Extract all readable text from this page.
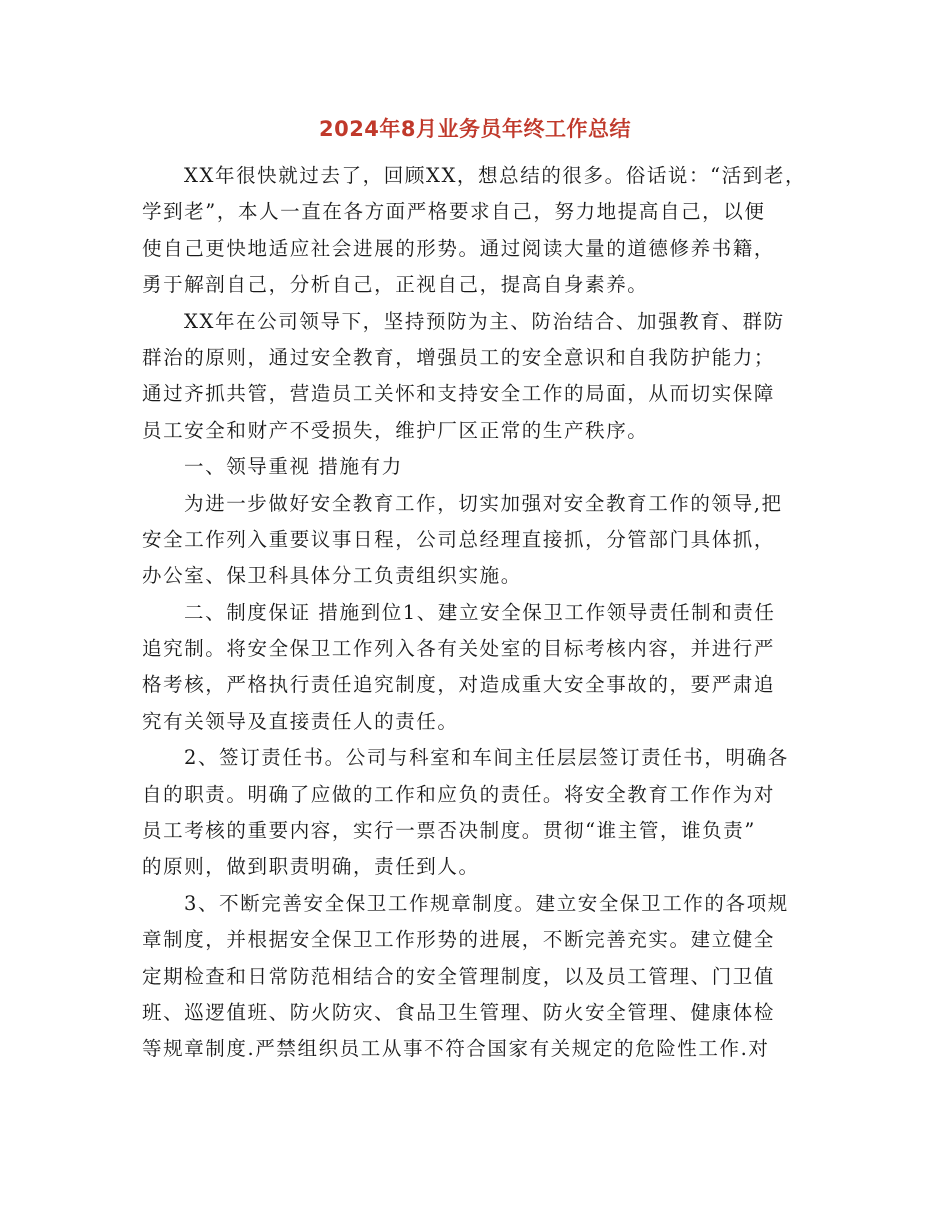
2024年8月业务员年终工作总结
XX年很快就过去了，回顾XX，想总结的很多。俗话说：“活到老，
学到老”，本人一直在各方面严格要求自己，努力地提高自己，以便
使自己更快地适应社会进展的形势。通过阅读大量的道德修养书籍，
勇于解剖自己，分析自己，正视自己，提高自身素养。
XX年在公司领导下，坚持预防为主、防治结合、加强教育、群防
群治的原则，通过安全教育，增强员工的安全意识和自我防护能力；
通过齐抓共管，营造员工关怀和支持安全工作的局面，从而切实保障
员工安全和财产不受损失，维护厂区正常的生产秩序。
一、领导重视 措施有力
为进一步做好安全教育工作，切实加强对安全教育工作的领导,把
安全工作列入重要议事日程，公司总经理直接抓，分管部门具体抓，
办公室、保卫科具体分工负责组织实施。
二、制度保证 措施到位1、建立安全保卫工作领导责任制和责任
追究制。将安全保卫工作列入各有关处室的目标考核内容，并进行严
格考核，严格执行责任追究制度，对造成重大安全事故的，要严肃追
究有关领导及直接责任人的责任。
2、签订责任书。公司与科室和车间主任层层签订责任书，明确各
自的职责。明确了应做的工作和应负的责任。将安全教育工作作为对
员工考核的重要内容，实行一票否决制度。贯彻“谁主管，谁负责”
的原则，做到职责明确，责任到人。
3、不断完善安全保卫工作规章制度。建立安全保卫工作的各项规
章制度，并根据安全保卫工作形势的进展，不断完善充实。建立健全
定期检查和日常防范相结合的安全管理制度，以及员工管理、门卫值
班、巡逻值班、防火防灾、食品卫生管理、防火安全管理、健康体检
等规章制度.严禁组织员工从事不符合国家有关规定的危险性工作.对
